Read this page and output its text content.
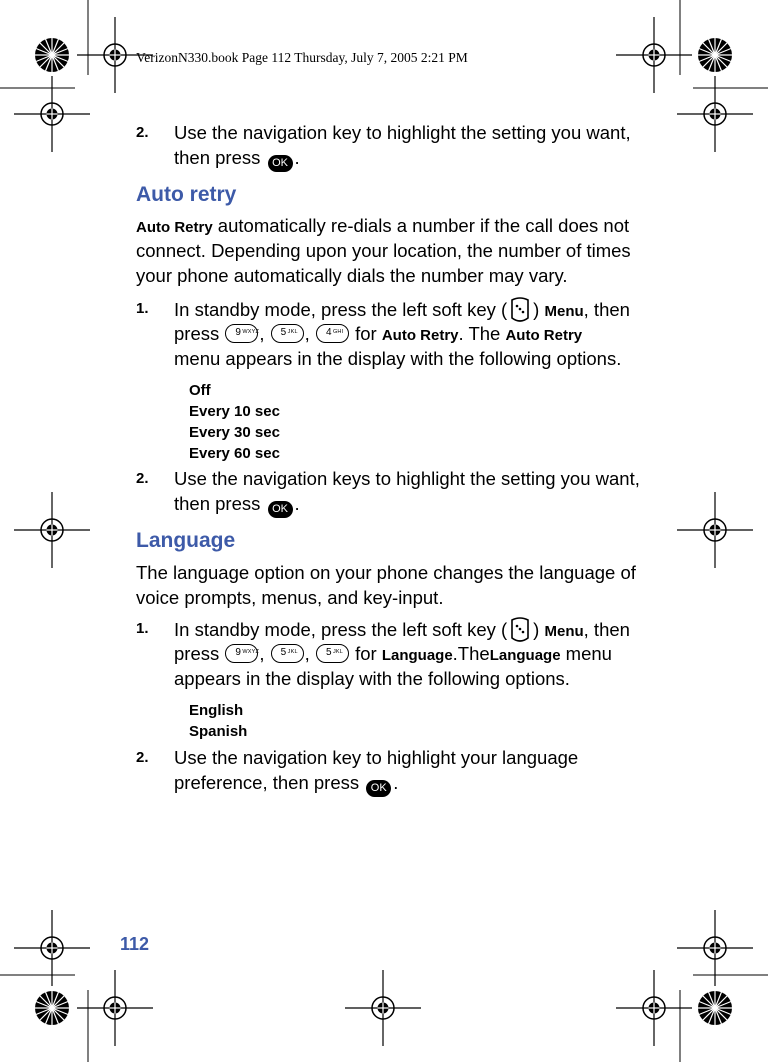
VerizonN330.book Page 112 Thursday, July 7, 2005 2:21 PM
2. Use the navigation key to highlight the setting you want,
then press OK .
Auto retry
Auto Retry automatically re-dials a number if the call does not
connect. Depending upon your location, the number of times
your phone automatically dials the number may vary.
1. In standby mode, press the left soft key ( ) Menu, then
press 9 WXYZ , 5 JKL , 4 GHI for Auto Retry. The Auto Retry
menu appears in the display with the following options.
Off
Every 10 sec
Every 30 sec
Every 60 sec
2. Use the navigation keys to highlight the setting you want,
then press OK .
Language
The language option on your phone changes the language of
voice prompts, menus, and key-input.
1. In standby mode, press the left soft key ( ) Menu, then
press 9 WXYZ , 5 JKL , 5 JKL for Language.TheLanguage menu
appears in the display with the following options.
English
Spanish
2. Use the navigation key to highlight your language
preference, then press OK .
112
